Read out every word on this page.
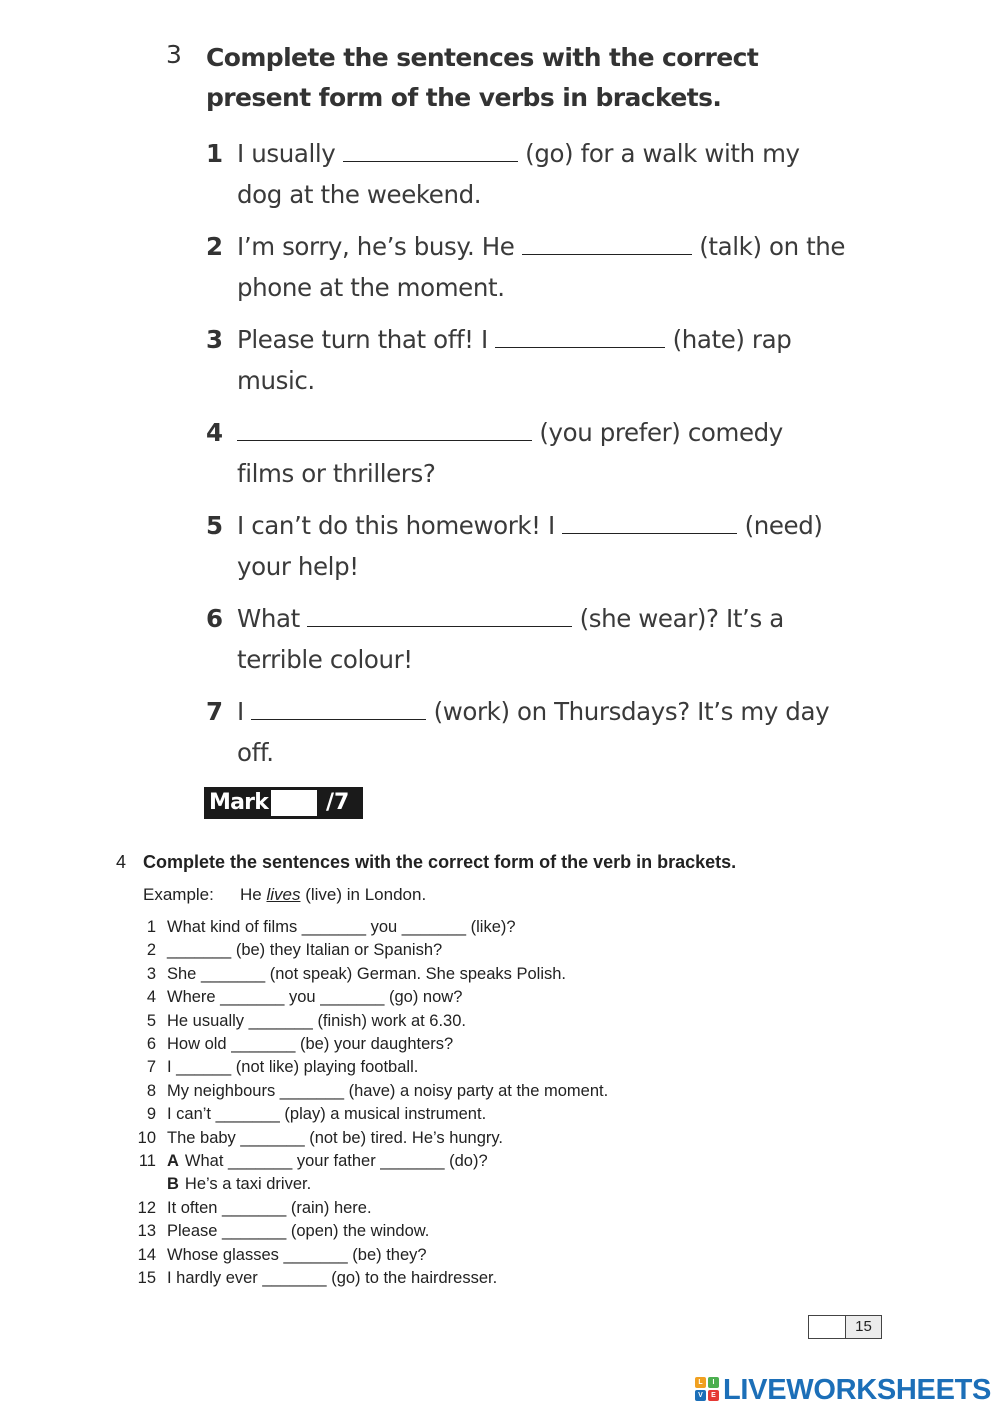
3 Complete the sentences with the correct present form of the verbs in brackets.
1 I usually	(go) for a walk with my dog at the weekend.
2 I’m sorry, he’s busy. He	(talk) on the phone at the moment.
3 Please turn that off! I	(hate) rap music.
4	(you prefer) comedy films or thrillers?
5 I can’t do this homework! I	(need) your help!
6 What	(she wear)? It’s a terrible colour!
7 I	(work) on Thursdays? It’s my day off.
Mark	/7
4 Complete the sentences with the correct form of the verb in brackets.
Example: He lives (live) in London.
1 What kind of films _______ you _______ (like)?
2 _______ (be) they Italian or Spanish?
3 She _______ (not speak) German. She speaks Polish.
4 Where _______ you _______ (go) now?
5 He usually _______ (finish) work at 6.30.
6 How old _______ (be) your daughters?
7 I ______ (not like) playing football.
8 My neighbours _______ (have) a noisy party at the moment.
9 I can’t _______ (play) a musical instrument.
10 The baby _______ (not be) tired. He’s hungry.
11 A What _______ your father _______ (do)?
B He’s a taxi driver.
12 It often _______ (rain) here.
13 Please _______ (open) the window.
14 Whose glasses _______ (be) they?
15 I hardly ever _______ (go) to the hairdresser.
15
L	I
V	E LIVEWORKSHEETS
